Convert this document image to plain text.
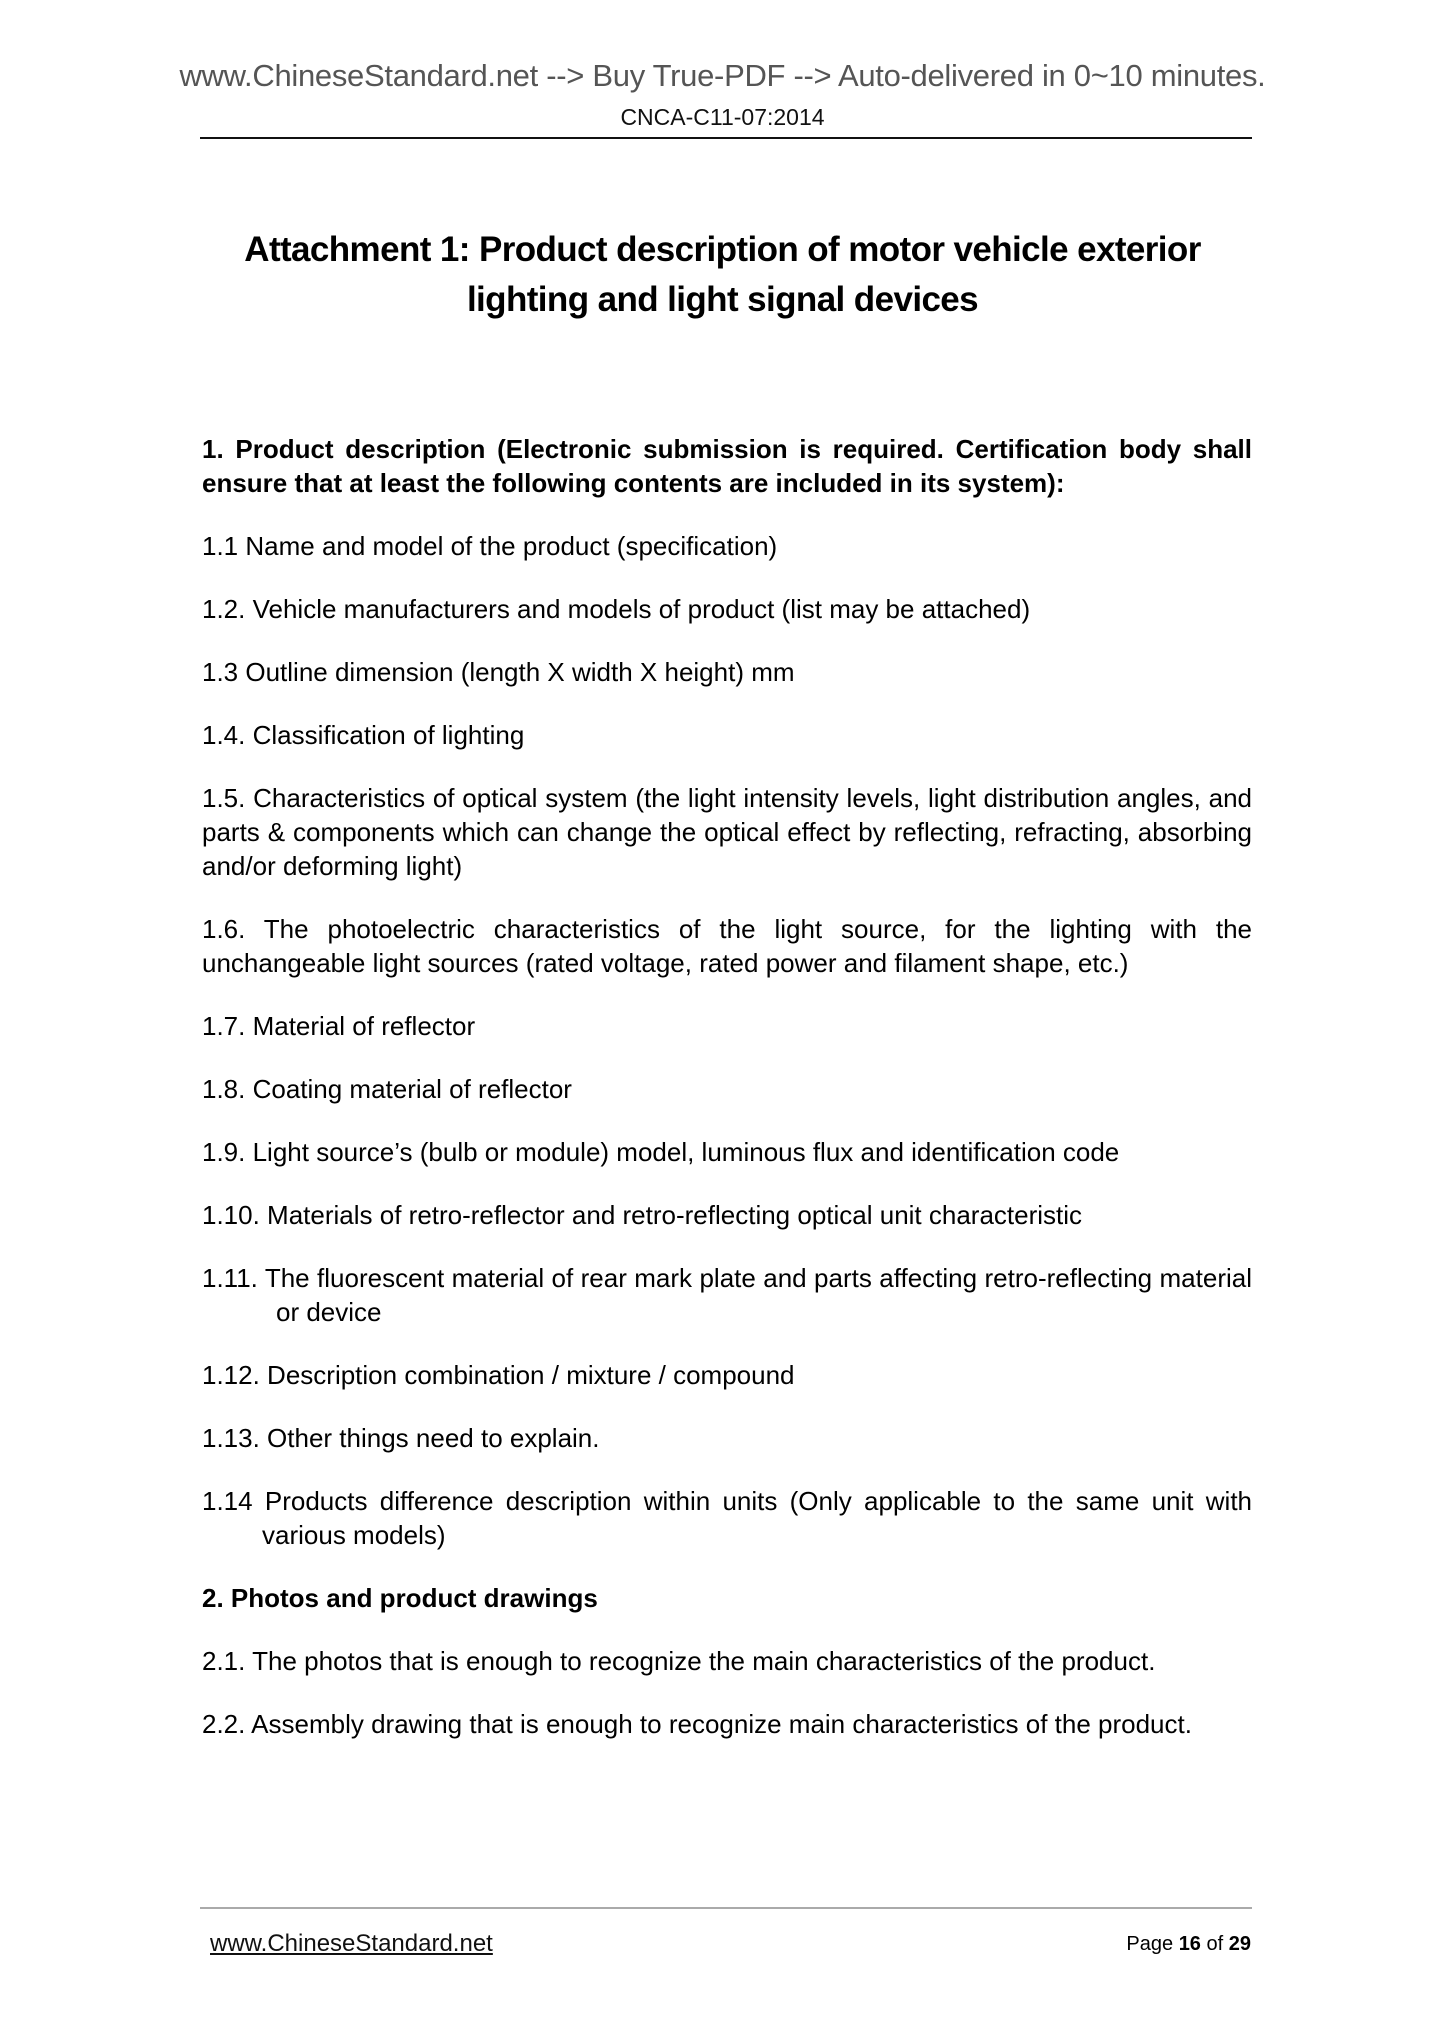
www.ChineseStandard.net --> Buy True-PDF --> Auto-delivered in 0~10 minutes.
CNCA-C11-07:2014
Attachment 1: Product description of motor vehicle exterior
lighting and light signal devices

1. Product description (Electronic submission is required. Certification body shall ensure that at least the following contents are included in its system):

1.1 Name and model of the product (specification)

1.2. Vehicle manufacturers and models of product (list may be attached)

1.3 Outline dimension (length X width X height) mm

1.4. Classification of lighting

1.5. Characteristics of optical system (the light intensity levels, light distribution angles, and parts & components which can change the optical effect by reflecting, refracting, absorbing and/or deforming light)

1.6. The photoelectric characteristics of the light source, for the lighting with the unchangeable light sources (rated voltage, rated power and filament shape, etc.)

1.7. Material of reflector

1.8. Coating material of reflector

1.9. Light source’s (bulb or module) model, luminous flux and identification code

1.10. Materials of retro-reflector and retro-reflecting optical unit characteristic

1.11. The fluorescent material of rear mark plate and parts affecting retro-reflecting material or device

1.12. Description combination / mixture / compound

1.13. Other things need to explain.

1.14 Products difference description within units (Only applicable to the same unit with various models)

2. Photos and product drawings

2.1. The photos that is enough to recognize the main characteristics of the product.

2.2. Assembly drawing that is enough to recognize main characteristics of the product.

www.ChineseStandard.net	Page 16 of 29
